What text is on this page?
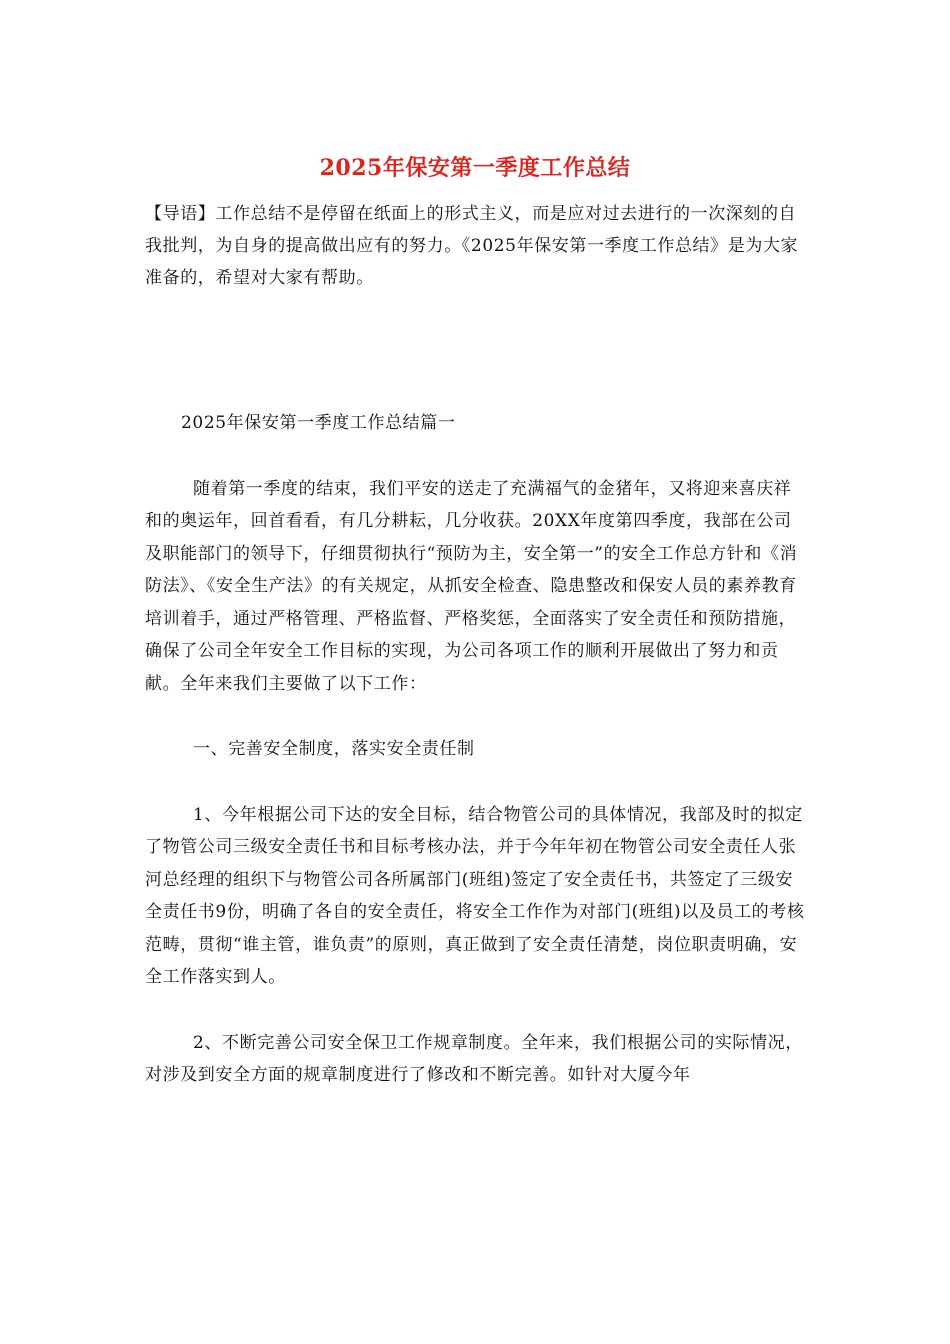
2025年保安第一季度工作总结

【导语】工作总结不是停留在纸面上的形式主义，而是应对过去进行的一次深刻的自我批判，为自身的提高做出应有的努力。《2025年保安第一季度工作总结》是为大家准备的，希望对大家有帮助。

2025年保安第一季度工作总结篇一

随着第一季度的结束，我们平安的送走了充满福气的金猪年，又将迎来喜庆祥和的奥运年，回首看看，有几分耕耘，几分收获。20XX年度第四季度，我部在公司及职能部门的领导下，仔细贯彻执行“预防为主，安全第一”的安全工作总方针和《消防法》、《安全生产法》的有关规定，从抓安全检查、隐患整改和保安人员的素养教育培训着手，通过严格管理、严格监督、严格奖惩，全面落实了安全责任和预防措施，确保了公司全年安全工作目标的实现，为公司各项工作的顺利开展做出了努力和贡献。全年来我们主要做了以下工作：

一、完善安全制度，落实安全责任制

1、今年根据公司下达的安全目标，结合物管公司的具体情况，我部及时的拟定了物管公司三级安全责任书和目标考核办法，并于今年年初在物管公司安全责任人张河总经理的组织下与物管公司各所属部门(班组)签定了安全责任书，共签定了三级安全责任书9份，明确了各自的安全责任，将安全工作作为对部门(班组)以及员工的考核范畴，贯彻“谁主管，谁负责”的原则，真正做到了安全责任清楚，岗位职责明确，安全工作落实到人。

2、不断完善公司安全保卫工作规章制度。全年来，我们根据公司的实际情况，对涉及到安全方面的规章制度进行了修改和不断完善。如针对大厦今年
